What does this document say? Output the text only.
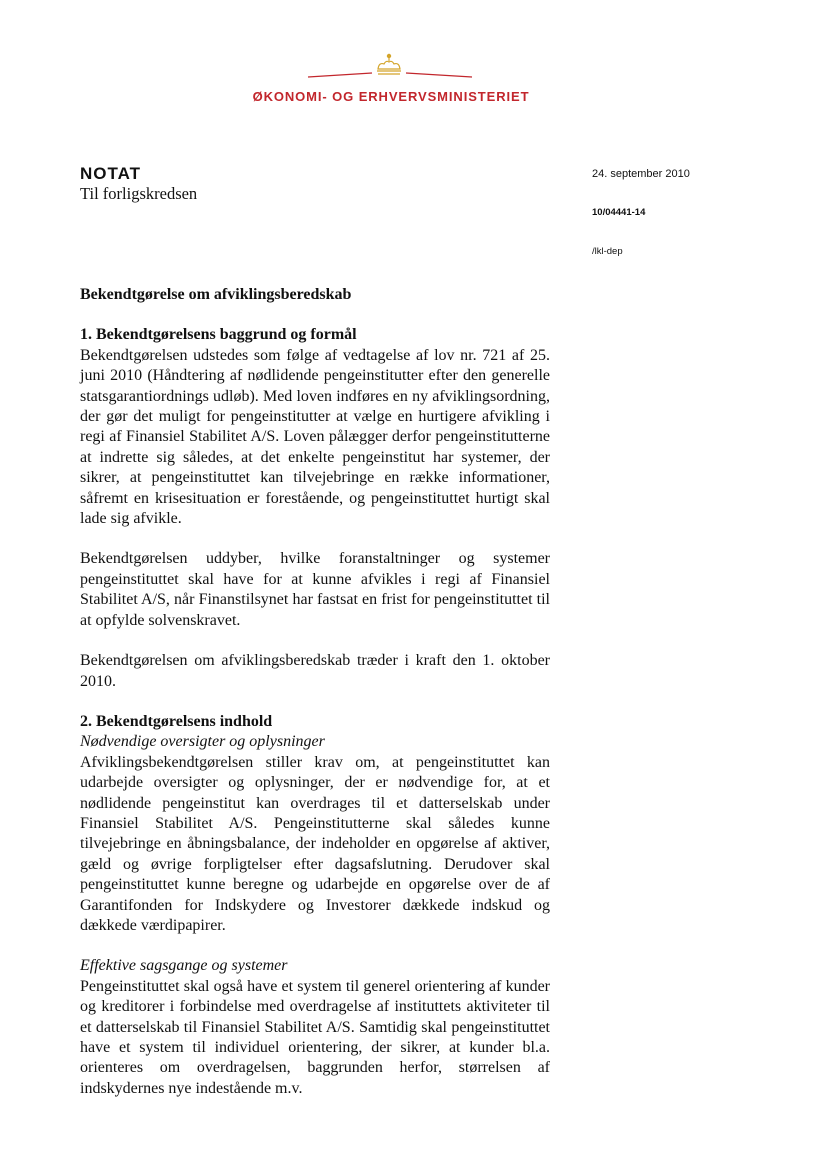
ØKONOMI- OG ERHVERVSMINISTERIET
NOTAT
Til forligskredsen
24. september 2010
10/04441-14
/lkl-dep

Bekendtgørelse om afviklingsberedskab

1. Bekendtgørelsens baggrund og formål

Bekendtgørelsen udstedes som følge af vedtagelse af lov nr. 721 af 25. juni 2010 (Håndtering af nødlidende pengeinstitutter efter den generelle statsgarantiordnings udløb). Med loven indføres en ny afviklingsordning, der gør det muligt for pengeinstitutter at vælge en hurtigere afvikling i regi af Finansiel Stabilitet A/S. Loven pålægger derfor pengeinstitutterne at indrette sig således, at det enkelte pengeinstitut har systemer, der sikrer, at pengeinstituttet kan tilvejebringe en række informationer, såfremt en krisesituation er forestående, og pengeinstituttet hurtigt skal lade sig afvikle.

Bekendtgørelsen uddyber, hvilke foranstaltninger og systemer pengeinstituttet skal have for at kunne afvikles i regi af Finansiel Stabilitet A/S, når Finanstilsynet har fastsat en frist for pengeinstituttet til at opfylde solvenskravet.

Bekendtgørelsen om afviklingsberedskab træder i kraft den 1. oktober 2010.

2. Bekendtgørelsens indhold

Nødvendige oversigter og oplysninger

Afviklingsbekendtgørelsen stiller krav om, at pengeinstituttet kan udarbejde oversigter og oplysninger, der er nødvendige for, at et nødlidende pengeinstitut kan overdrages til et datterselskab under Finansiel Stabilitet A/S. Pengeinstitutterne skal således kunne tilvejebringe en åbningsbalance, der indeholder en opgørelse af aktiver, gæld og øvrige forpligtelser efter dagsafslutning. Derudover skal pengeinstituttet kunne beregne og udarbejde en opgørelse over de af Garantifonden for Indskydere og Investorer dækkede indskud og dækkede værdipapirer.

Effektive sagsgange og systemer

Pengeinstituttet skal også have et system til generel orientering af kunder og kreditorer i forbindelse med overdragelse af instituttets aktiviteter til et datterselskab til Finansiel Stabilitet A/S. Samtidig skal pengeinstituttet have et system til individuel orientering, der sikrer, at kunder bl.a. orienteres om overdragelsen, baggrunden herfor, størrelsen af indskydernes nye indestående m.v.
